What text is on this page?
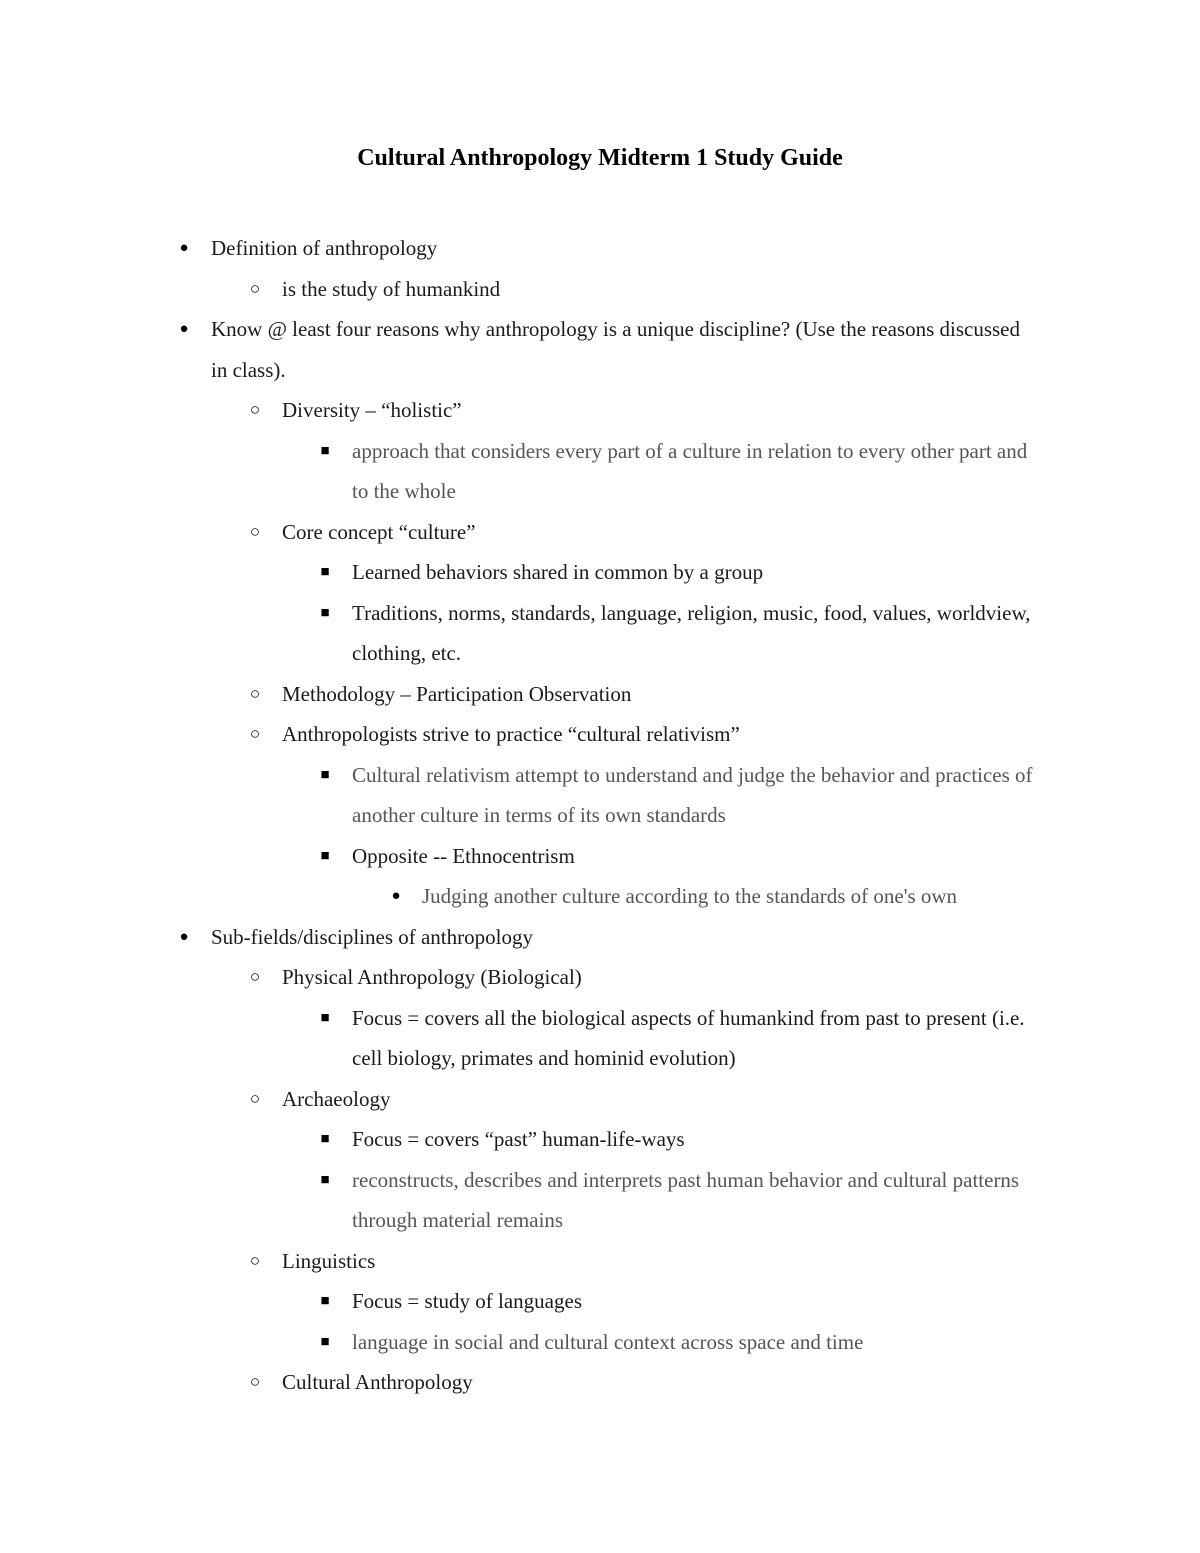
Cultural Anthropology Midterm 1 Study Guide
● Definition of anthropology
○ is the study of humankind
● Know @ least four reasons why anthropology is a unique discipline? (Use the reasons discussed in class).
○ Diversity – “holistic”
■ approach that considers every part of a culture in relation to every other part and to the whole
○ Core concept “culture”
■ Learned behaviors shared in common by a group
■ Traditions, norms, standards, language, religion, music, food, values, worldview, clothing, etc.
○ Methodology – Participation Observation
○ Anthropologists strive to practice “cultural relativism”
■ Cultural relativism attempt to understand and judge the behavior and practices of another culture in terms of its own standards
■ Opposite -- Ethnocentrism
● Judging another culture according to the standards of one's own
● Sub-fields/disciplines of anthropology
○ Physical Anthropology (Biological)
■ Focus = covers all the biological aspects of humankind from past to present (i.e. cell biology, primates and hominid evolution)
○ Archaeology
■ Focus = covers “past” human-life-ways
■ reconstructs, describes and interprets past human behavior and cultural patterns through material remains
○ Linguistics
■ Focus = study of languages
■ language in social and cultural context across space and time
○ Cultural Anthropology
